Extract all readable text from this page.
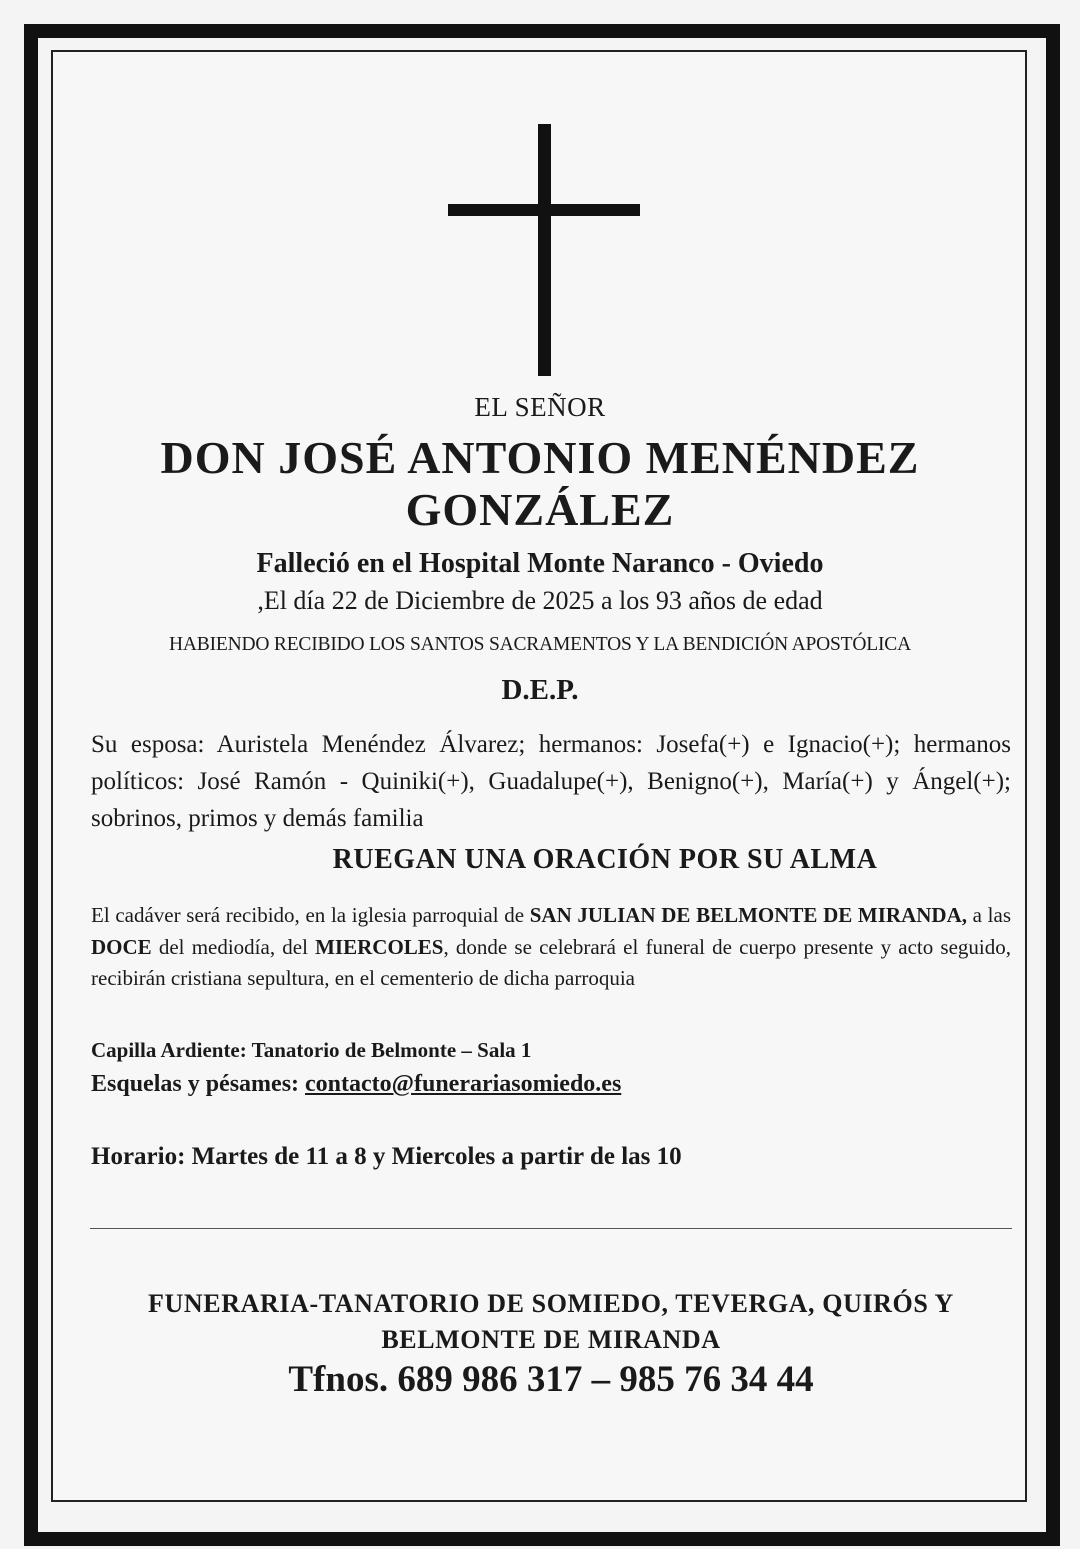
EL SEÑOR

DON JOSÉ ANTONIO MENÉNDEZ GONZÁLEZ

Falleció en el Hospital Monte Naranco - Oviedo

,El día 22 de Diciembre de 2025 a los 93 años de edad

HABIENDO RECIBIDO LOS SANTOS SACRAMENTOS Y LA BENDICIÓN APOSTÓLICA

D.E.P.

Su esposa: Auristela Menéndez Álvarez; hermanos: Josefa(+) e Ignacio(+); hermanos políticos: José Ramón - Quiniki(+), Guadalupe(+), Benigno(+), María(+) y Ángel(+); sobrinos, primos y demás familia

RUEGAN UNA ORACIÓN POR SU ALMA

El cadáver será recibido, en la iglesia parroquial de SAN JULIAN DE BELMONTE DE MIRANDA, a las DOCE del mediodía, del MIERCOLES, donde se celebrará el funeral de cuerpo presente y acto seguido, recibirán cristiana sepultura, en el cementerio de dicha parroquia

Capilla Ardiente: Tanatorio de Belmonte – Sala 1

Esquelas y pésames: contacto@funerariasomiedo.es

Horario: Martes de 11 a 8 y Miercoles a partir de las 10

FUNERARIA-TANATORIO DE SOMIEDO, TEVERGA, QUIRÓS Y BELMONTE DE MIRANDA

Tfnos. 689 986 317 – 985 76 34 44
